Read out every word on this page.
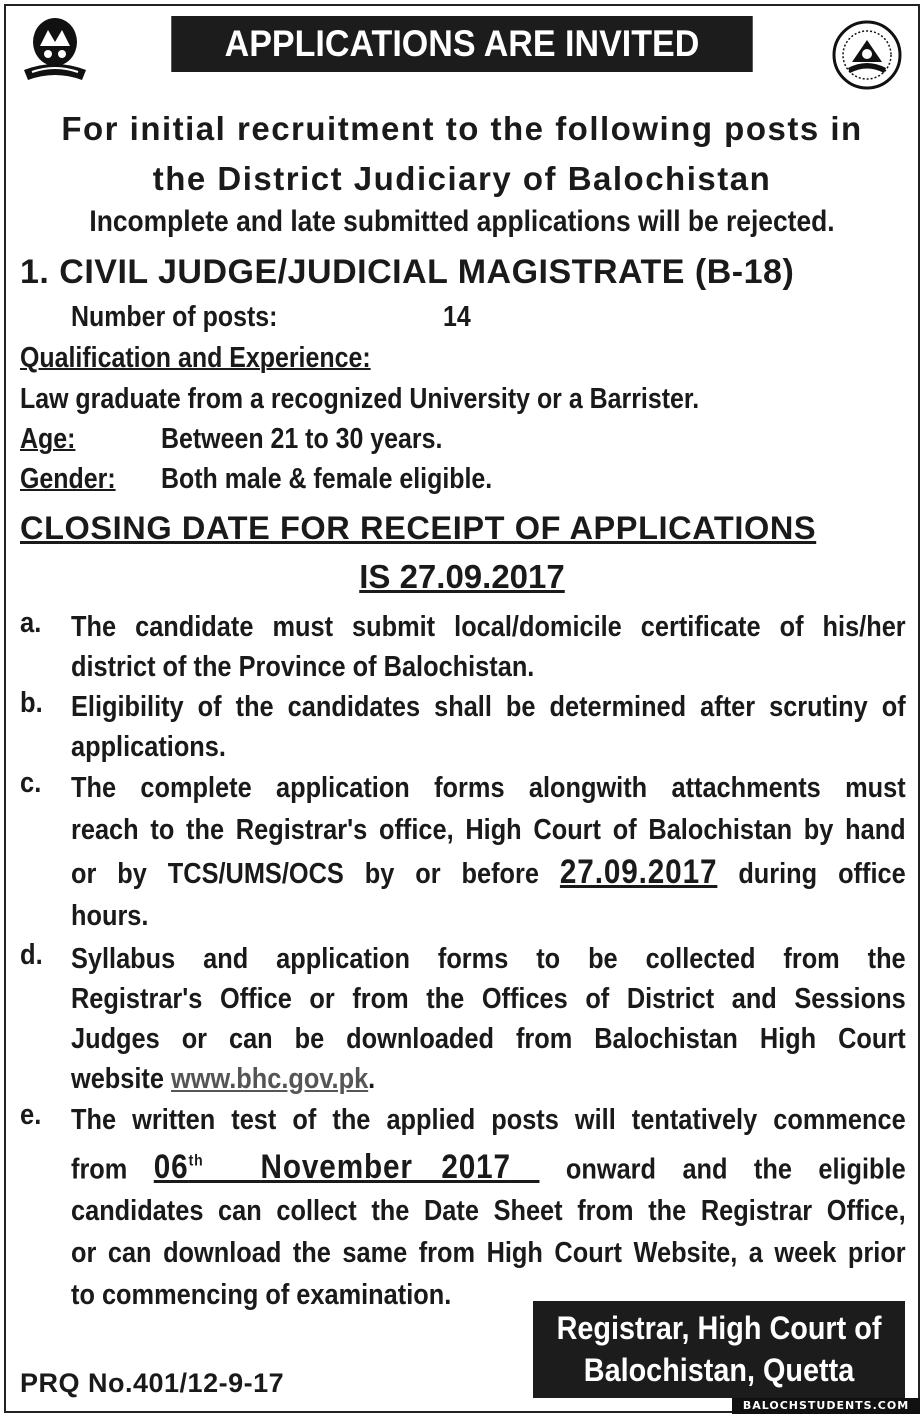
APPLICATIONS ARE INVITED
For initial recruitment to the following posts in
the District Judiciary of Balochistan
Incomplete and late submitted applications will be rejected.
1. CIVIL JUDGE/JUDICIAL MAGISTRATE (B-18)
Number of posts:	14
Qualification and Experience:
Law graduate from a recognized University or a Barrister.
Age:	Between 21 to 30 years.
Gender: Both male & female eligible.
CLOSING DATE FOR RECEIPT OF APPLICATIONS
IS 27.09.2017
a. The candidate must submit local/domicile certificate of his/her
district of the Province of Balochistan.
b. Eligibility of the candidates shall be determined after scrutiny of
applications.
c. The complete application forms alongwith attachments must
reach to the Registrar's office, High Court of Balochistan by hand
or by TCS/UMS/OCS by or before 27.09.2017 during office
hours.
d. Syllabus and application forms to be collected from the
Registrar's Office or from the Offices of District and Sessions
Judges or can be downloaded from Balochistan High Court
website www.bhc.gov.pk.
e. The written test of the applied posts will tentatively commence
from 06th November 2017 onward and the eligible
candidates can collect the Date Sheet from the Registrar Office,
or can download the same from High Court Website, a week prior
to commencing of examination.
Registrar, High Court of
Balochistan, Quetta
PRQ No.401/12-9-17
BALOCHSTUDENTS.COM
